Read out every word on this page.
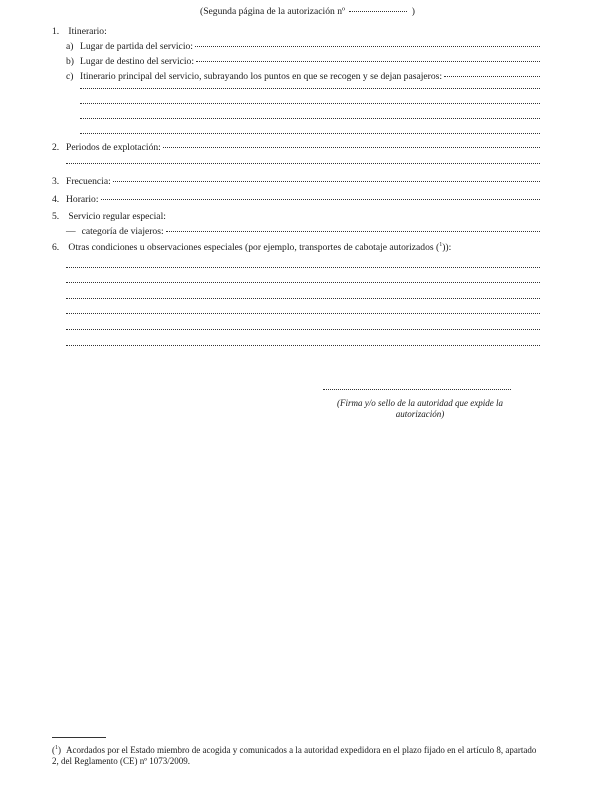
(Segunda página de la autorización nº	)
1. Itinerario:
a) Lugar de partida del servicio:
b) Lugar de destino del servicio:
c) Itinerario principal del servicio, subrayando los puntos en que se recogen y se dejan pasajeros:
2. Periodos de explotación:
3. Frecuencia:
4. Horario:
5. Servicio regular especial:
— categoría de viajeros:
6. Otras condiciones u observaciones especiales (por ejemplo, transportes de cabotaje autorizados ($^1$)):
(Firma y/o sello de la autoridad que expide la autorización)
($^1$) Acordados por el Estado miembro de acogida y comunicados a la autoridad expedidora en el plazo fijado en el artículo 8, apartado 2, del Reglamento (CE) nº 1073/2009.
